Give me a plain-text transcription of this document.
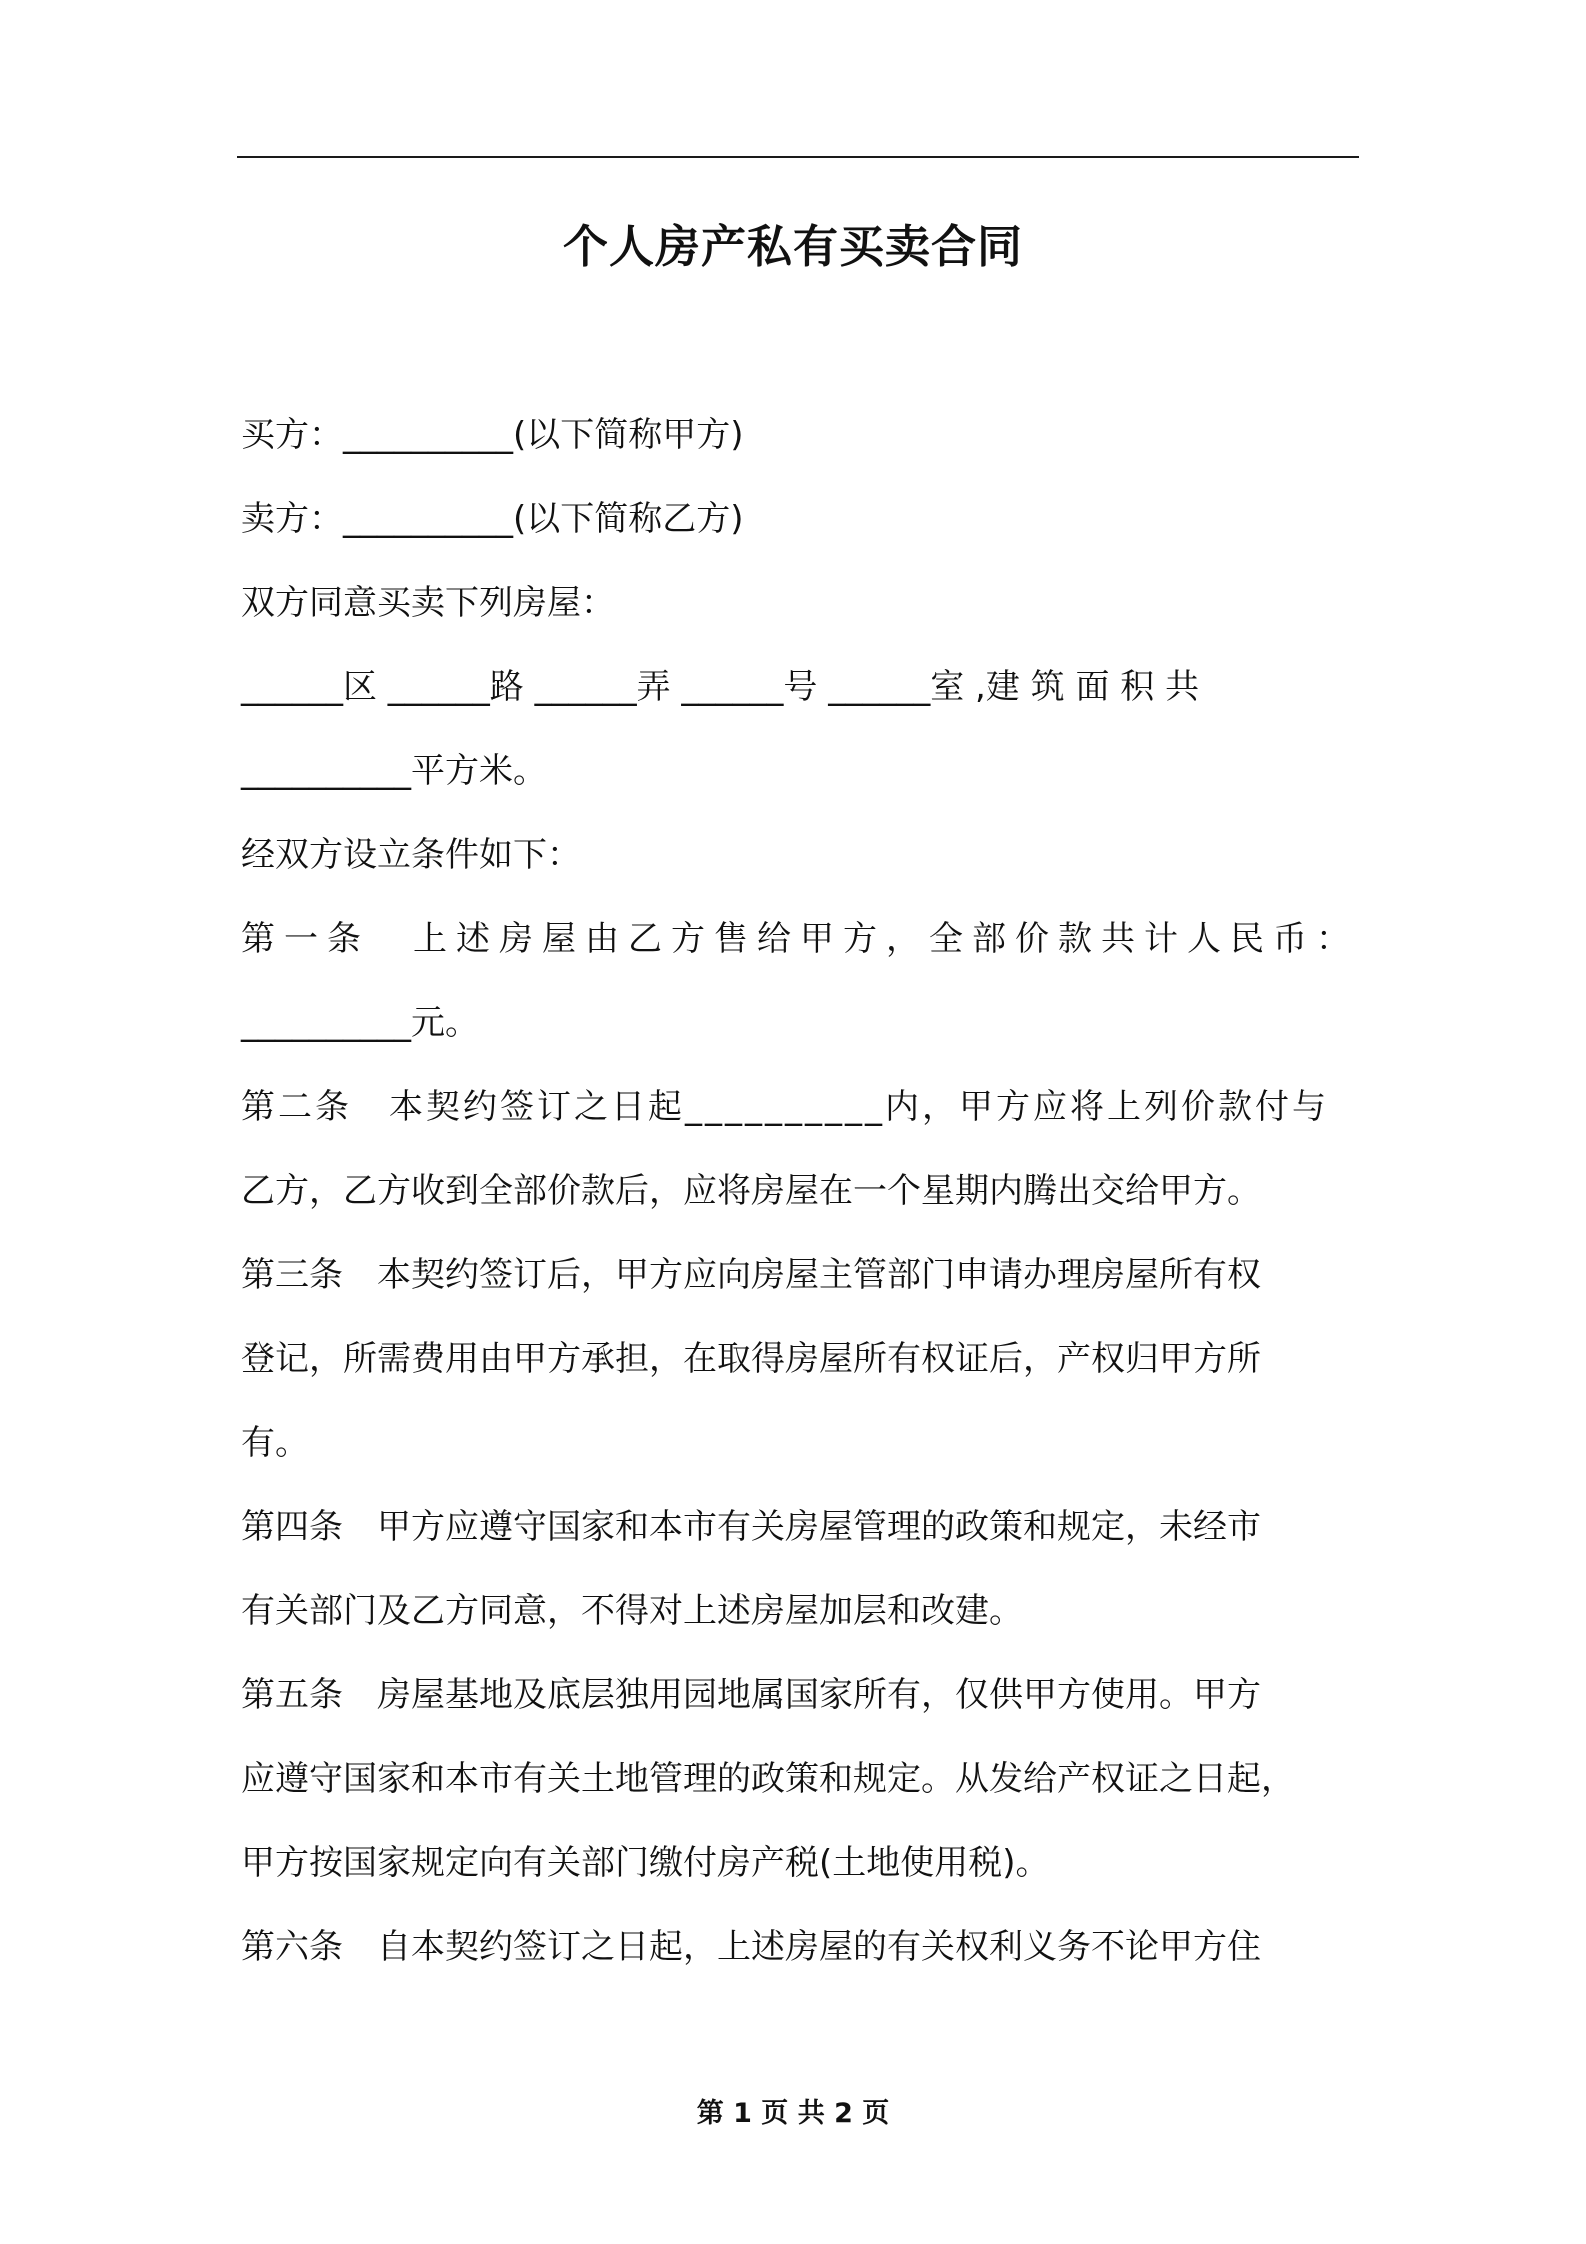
个人房产私有买卖合同
买方：__________(以下简称甲方)
卖方：__________(以下简称乙方)
双方同意买卖下列房屋：
______区 ______路 ______弄 ______号 ______室 ,建 筑 面 积 共
__________平方米。
经双方设立条件如下：
第一条　上述房屋由乙方售给甲方，全部价款共计人民币：
__________元。
第二条　本契约签订之日起__________内，甲方应将上列价款付与
乙方，乙方收到全部价款后，应将房屋在一个星期内腾出交给甲方。
第三条　本契约签订后，甲方应向房屋主管部门申请办理房屋所有权
登记，所需费用由甲方承担，在取得房屋所有权证后，产权归甲方所
有。
第四条　甲方应遵守国家和本市有关房屋管理的政策和规定，未经市
有关部门及乙方同意，不得对上述房屋加层和改建。
第五条　房屋基地及底层独用园地属国家所有，仅供甲方使用。甲方
应遵守国家和本市有关土地管理的政策和规定。从发给产权证之日起，
甲方按国家规定向有关部门缴付房产税(土地使用税)。
第六条　自本契约签订之日起，上述房屋的有关权利义务不论甲方住
第 1 页 共 2 页
